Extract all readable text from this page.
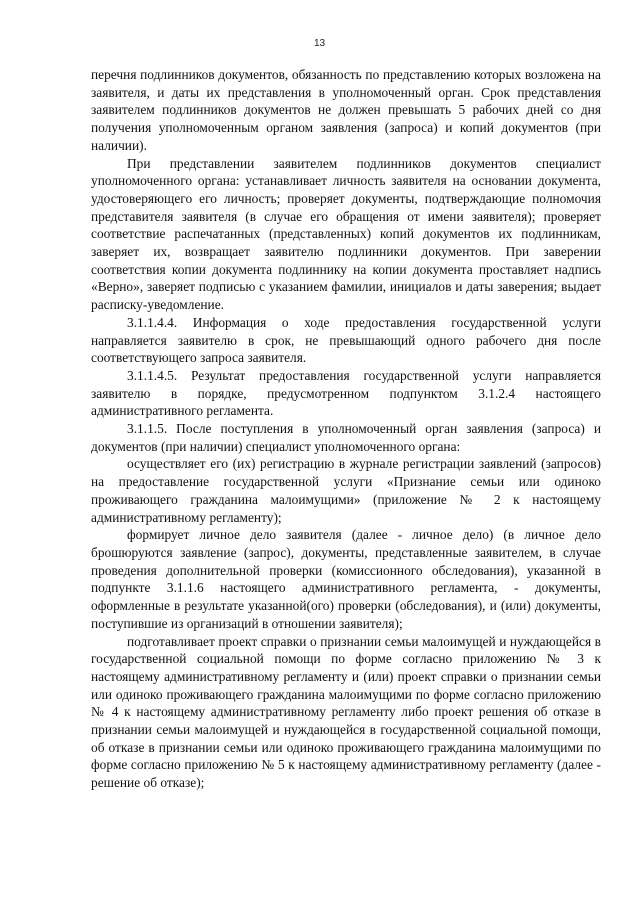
13

перечня подлинников документов, обязанность по представлению которых возложена на заявителя, и даты их представления в уполномоченный орган. Срок представления заявителем подлинников документов не должен превышать 5 рабочих дней со дня получения уполномоченным органом заявления (запроса) и копий документов (при наличии).

При представлении заявителем подлинников документов специалист уполномоченного органа: устанавливает личность заявителя на основании документа, удостоверяющего его личность; проверяет документы, подтверждающие полномочия представителя заявителя (в случае его обращения от имени заявителя); проверяет соответствие распечатанных (представленных) копий документов их подлинникам, заверяет их, возвращает заявителю подлинники документов. При заверении соответствия копии документа подлиннику на копии документа проставляет надпись «Верно», заверяет подписью с указанием фамилии, инициалов и даты заверения; выдает расписку-уведомление.

3.1.1.4.4. Информация о ходе предоставления государственной услуги направляется заявителю в срок, не превышающий одного рабочего дня после соответствующего запроса заявителя.

3.1.1.4.5. Результат предоставления государственной услуги направляется заявителю в порядке, предусмотренном подпунктом 3.1.2.4 настоящего административного регламента.

3.1.1.5. После поступления в уполномоченный орган заявления (запроса) и документов (при наличии) специалист уполномоченного органа:

осуществляет его (их) регистрацию в журнале регистрации заявлений (запросов) на предоставление государственной услуги «Признание семьи или одиноко проживающего гражданина малоимущими» (приложение № 2 к настоящему административному регламенту);

формирует личное дело заявителя (далее - личное дело) (в личное дело брошюруются заявление (запрос), документы, представленные заявителем, в случае проведения дополнительной проверки (комиссионного обследования), указанной в подпункте 3.1.1.6 настоящего административного регламента, - документы, оформленные в результате указанной(ого) проверки (обследования), и (или) документы, поступившие из организаций в отношении заявителя);

подготавливает проект справки о признании семьи малоимущей и нуждающейся в государственной социальной помощи по форме согласно приложению № 3 к настоящему административному регламенту и (или) проект справки о признании семьи или одиноко проживающего гражданина малоимущими по форме согласно приложению № 4 к настоящему административному регламенту либо проект решения об отказе в признании семьи малоимущей и нуждающейся в государственной социальной помощи, об отказе в признании семьи или одиноко проживающего гражданина малоимущими по форме согласно приложению № 5 к настоящему административному регламенту (далее - решение об отказе);
